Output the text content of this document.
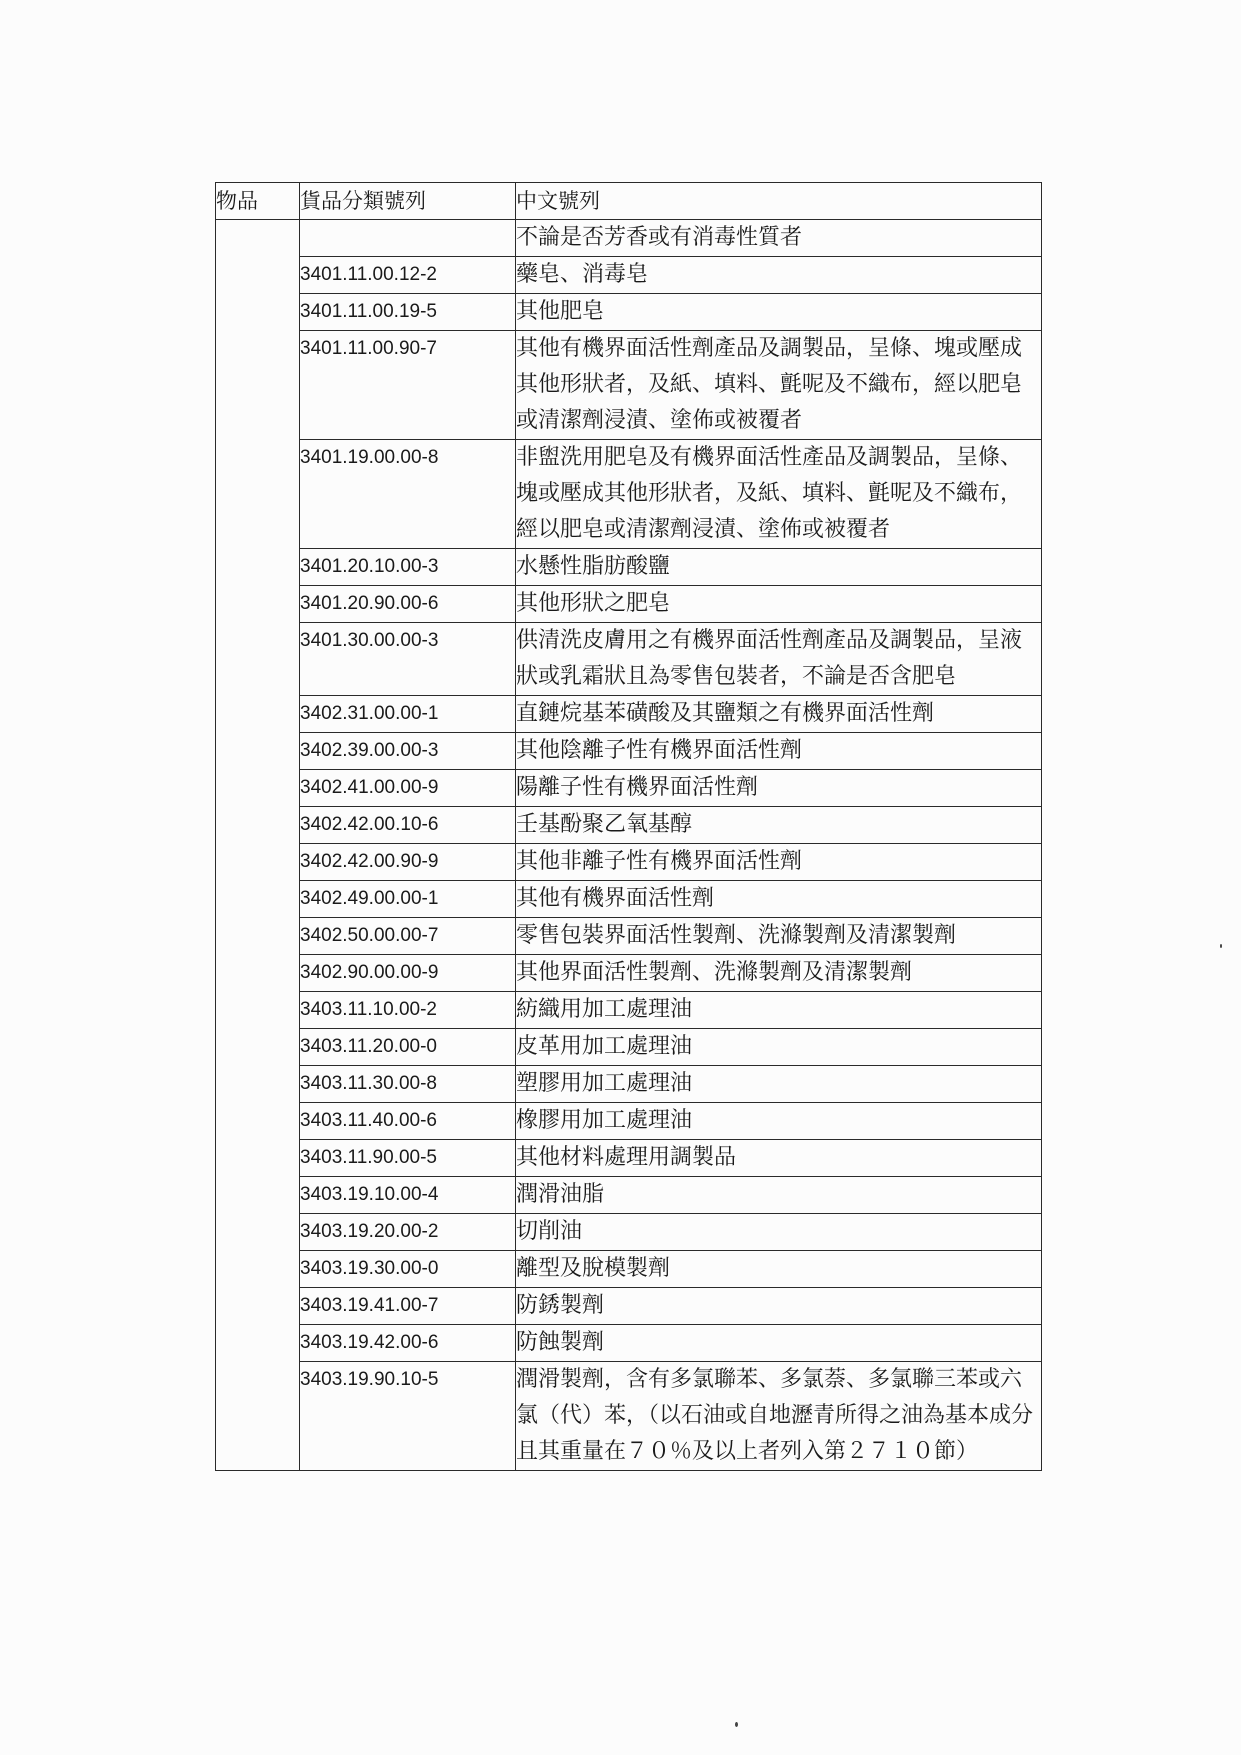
物品	貨品分類號列	中文號列
		不論是否芳香或有消毒性質者
	3401.11.00.12-2	藥皂、消毒皂
	3401.11.00.19-5	其他肥皂
	3401.11.00.90-7	其他有機界面活性劑產品及調製品，呈條、塊或壓成其他形狀者，及紙、填料、氈呢及不織布，經以肥皂或清潔劑浸漬、塗佈或被覆者
	3401.19.00.00-8	非盥洗用肥皂及有機界面活性產品及調製品，呈條、塊或壓成其他形狀者，及紙、填料、氈呢及不織布，經以肥皂或清潔劑浸漬、塗佈或被覆者
	3401.20.10.00-3	水懸性脂肪酸鹽
	3401.20.90.00-6	其他形狀之肥皂
	3401.30.00.00-3	供清洗皮膚用之有機界面活性劑產品及調製品，呈液狀或乳霜狀且為零售包裝者，不論是否含肥皂
	3402.31.00.00-1	直鏈烷基苯磺酸及其鹽類之有機界面活性劑
	3402.39.00.00-3	其他陰離子性有機界面活性劑
	3402.41.00.00-9	陽離子性有機界面活性劑
	3402.42.00.10-6	壬基酚聚乙氧基醇
	3402.42.00.90-9	其他非離子性有機界面活性劑
	3402.49.00.00-1	其他有機界面活性劑
	3402.50.00.00-7	零售包裝界面活性製劑、洗滌製劑及清潔製劑
	3402.90.00.00-9	其他界面活性製劑、洗滌製劑及清潔製劑
	3403.11.10.00-2	紡織用加工處理油
	3403.11.20.00-0	皮革用加工處理油
	3403.11.30.00-8	塑膠用加工處理油
	3403.11.40.00-6	橡膠用加工處理油
	3403.11.90.00-5	其他材料處理用調製品
	3403.19.10.00-4	潤滑油脂
	3403.19.20.00-2	切削油
	3403.19.30.00-0	離型及脫模製劑
	3403.19.41.00-7	防銹製劑
	3403.19.42.00-6	防蝕製劑
	3403.19.90.10-5	潤滑製劑，含有多氯聯苯、多氯萘、多氯聯三苯或六氯（代）苯，（以石油或自地瀝青所得之油為基本成分且其重量在７０％及以上者列入第２７１０節）
